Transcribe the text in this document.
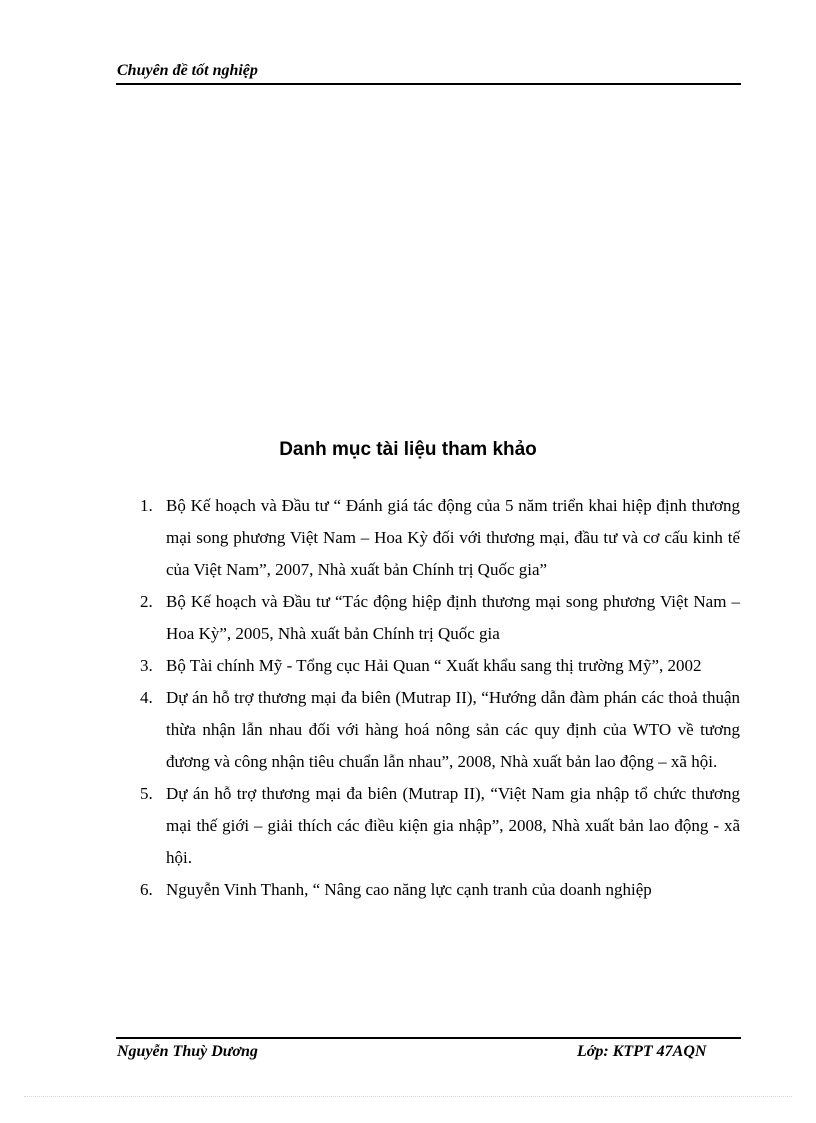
Chuyên đề tốt nghiệp
Danh mục tài liệu tham khảo
1. Bộ Kế hoạch và Đầu tư “ Đánh giá tác động của 5 năm triển khai hiệp định thương mại song phương Việt Nam – Hoa Kỳ đối với thương mại, đầu tư và cơ cấu kinh tế của Việt Nam”, 2007, Nhà xuất bản Chính trị Quốc gia”
2. Bộ Kế hoạch và Đầu tư “Tác động hiệp định thương mại song phương Việt Nam – Hoa Kỳ”, 2005, Nhà xuất bản Chính trị Quốc gia
3. Bộ Tài chính Mỹ - Tổng cục Hải Quan “ Xuất khẩu sang thị trường Mỹ”, 2002
4. Dự án hỗ trợ thương mại đa biên (Mutrap II), “Hướng dẫn đàm phán các thoả thuận thừa nhận lẫn nhau đối với hàng hoá nông sản các quy định của WTO về tương đương và công nhận tiêu chuẩn lẫn nhau”, 2008, Nhà xuất bản lao động – xã hội.
5. Dự án hỗ trợ thương mại đa biên (Mutrap II), “Việt Nam gia nhập tổ chức thương mại thế giới – giải thích các điều kiện gia nhập”, 2008, Nhà xuất bản lao động - xã hội.
6. Nguyễn Vinh Thanh, “ Nâng cao năng lực cạnh tranh của doanh nghiệp
Nguyễn Thuỳ Dương	Lớp: KTPT 47AQN
